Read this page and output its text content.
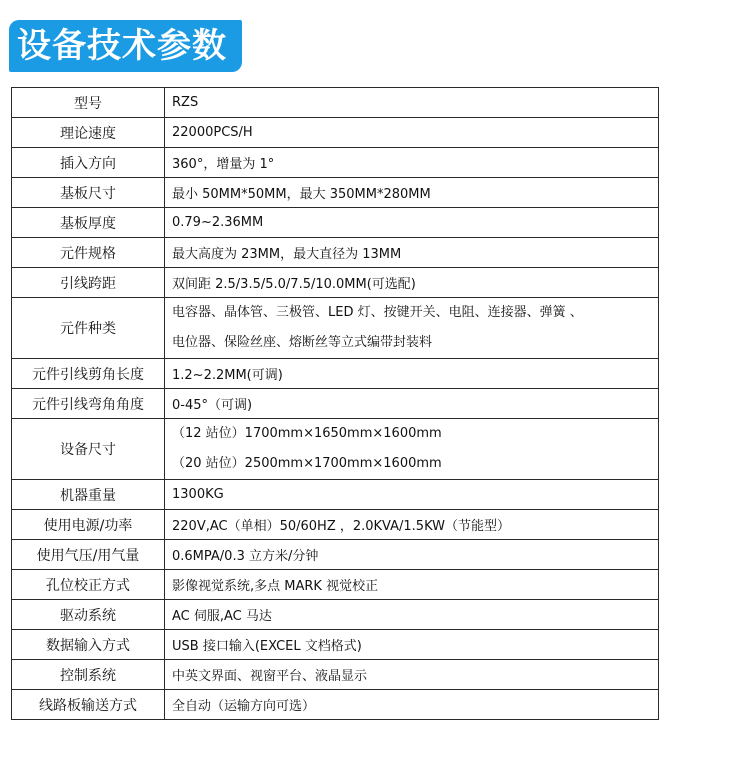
设备技术参数
型号	RZS
理论速度	22000PCS/H
插入方向	360°，增量为 1°
基板尺寸	最小 50MM*50MM，最大 350MM*280MM
基板厚度	0.79~2.36MM
元件规格	最大高度为 23MM，最大直径为 13MM
引线跨距	双间距 2.5/3.5/5.0/7.5/10.0MM(可选配)
元件种类	电容器、晶体管、三极管、LED 灯、按键开关、电阻、连接器、弹簧 、
电位器、保险丝座、熔断丝等立式编带封装料

元件引线剪角长度	1.2~2.2MM(可调)
元件引线弯角角度	0-45°（可调)
设备尺寸	（12 站位）1700mm×1650mm×1600mm
（20 站位）2500mm×1700mm×1600mm

机器重量	1300KG
使用电源/功率	220V,AC（单相）50/60HZ ，2.0KVA/1.5KW（节能型）
使用气压/用气量	0.6MPA/0.3 立方米/分钟
孔位校正方式	影像视觉系统,多点 MARK 视觉校正
驱动系统	AC 伺服,AC 马达
数据输入方式	USB 接口输入(EXCEL 文档格式)
控制系统	中英文界面、视窗平台、液晶显示
线路板输送方式	全自动（运输方向可选）
